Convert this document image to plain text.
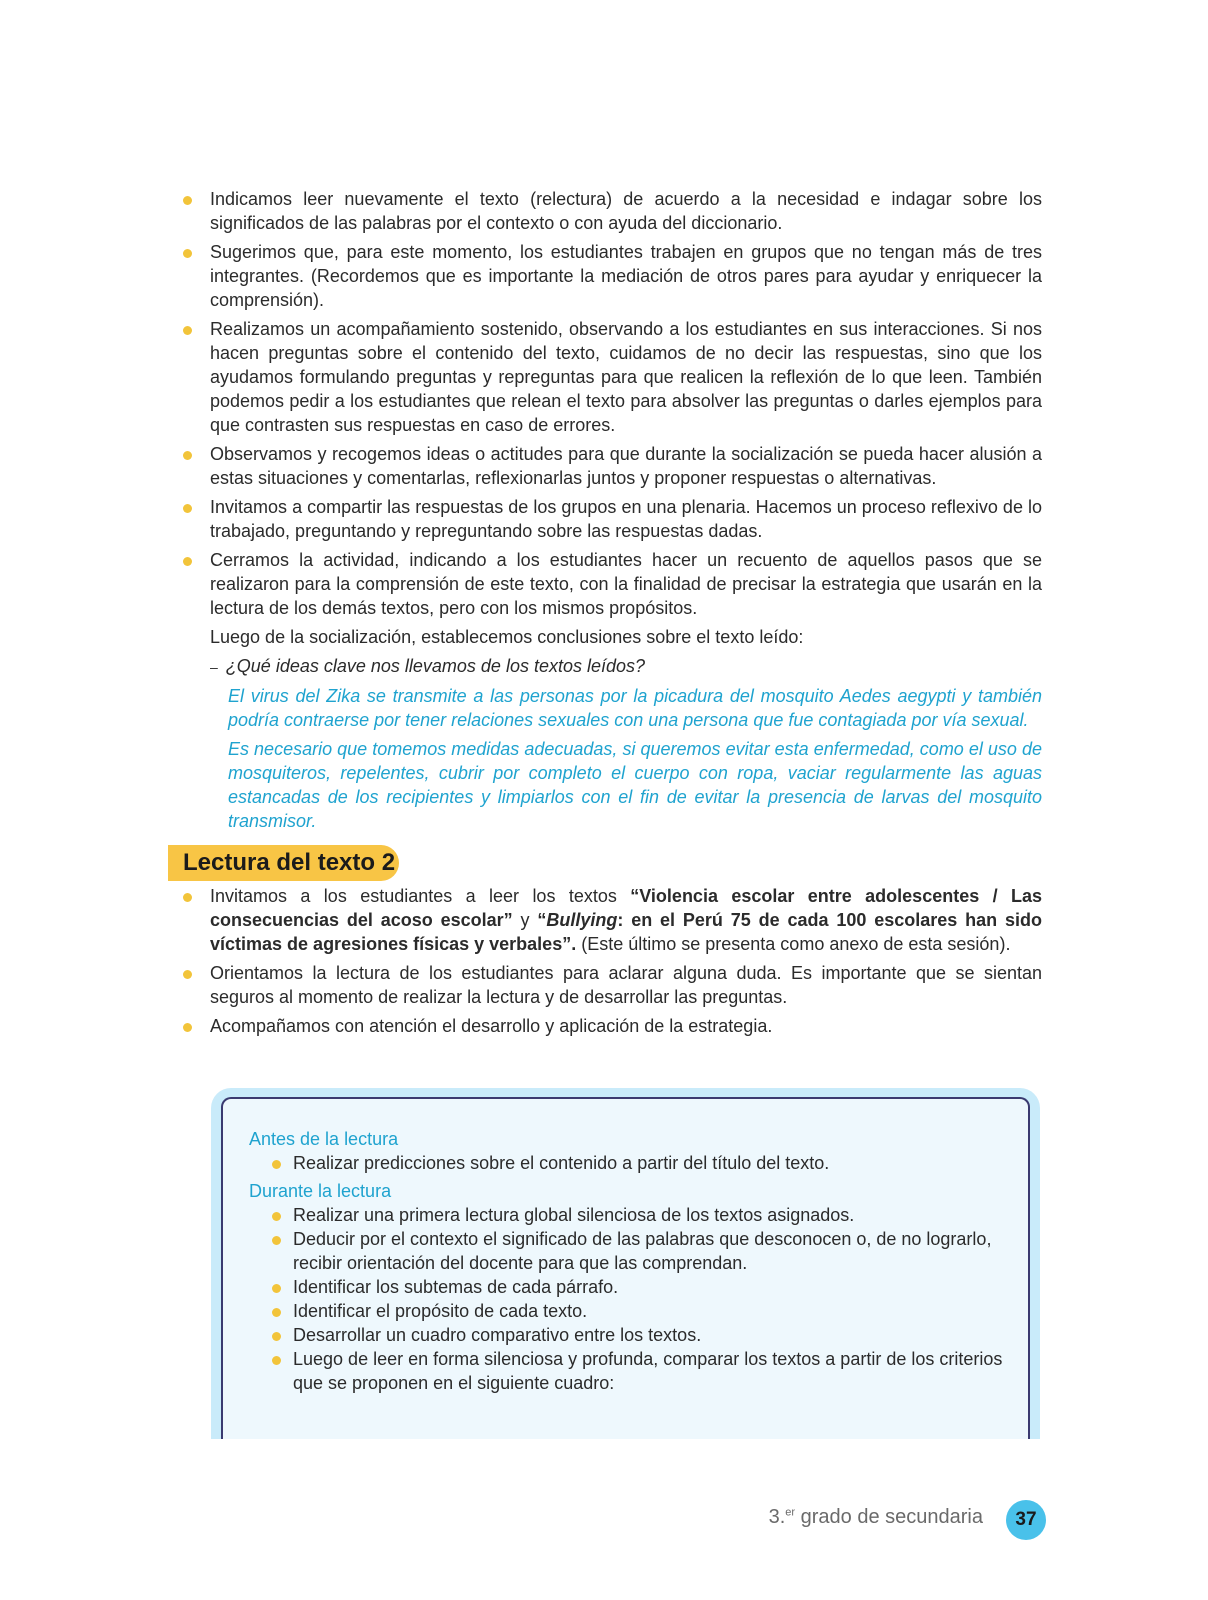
Indicamos leer nuevamente el texto (relectura) de acuerdo a la necesidad e indagar sobre los significados de las palabras por el contexto o con ayuda del diccionario.
Sugerimos que, para este momento, los estudiantes trabajen en grupos que no tengan más de tres integrantes. (Recordemos que es importante la mediación de otros pares para ayudar y enriquecer la comprensión).
Realizamos un acompañamiento sostenido, observando a los estudiantes en sus interacciones. Si nos hacen preguntas sobre el contenido del texto, cuidamos de no decir las respuestas, sino que los ayudamos formulando preguntas y repreguntas para que realicen la reflexión de lo que leen. También podemos pedir a los estudiantes que relean el texto para absolver las preguntas o darles ejemplos para que contrasten sus respuestas en caso de errores.
Observamos y recogemos ideas o actitudes para que durante la socialización se pueda hacer alusión a estas situaciones y comentarlas, reflexionarlas juntos y proponer respuestas o alternativas.
Invitamos a compartir las respuestas de los grupos en una plenaria. Hacemos un proceso reflexivo de lo trabajado, preguntando y repreguntando sobre las respuestas dadas.
Cerramos la actividad, indicando a los estudiantes hacer un recuento de aquellos pasos que se realizaron para la comprensión de este texto, con la finalidad de precisar la estrategia que usarán en la lectura de los demás textos, pero con los mismos propósitos.

Luego de la socialización, establecemos conclusiones sobre el texto leído:

– ¿Qué ideas clave nos llevamos de los textos leídos?

El virus del Zika se transmite a las personas por la picadura del mosquito Aedes aegypti y también podría contraerse por tener relaciones sexuales con una persona que fue contagiada por vía sexual.

Es necesario que tomemos medidas adecuadas, si queremos evitar esta enfermedad, como el uso de mosquiteros, repelentes, cubrir por completo el cuerpo con ropa, vaciar regularmente las aguas estancadas de los recipientes y limpiarlos con el fin de evitar la presencia de larvas del mosquito transmisor.

Lectura del texto 2
Invitamos a los estudiantes a leer los textos “Violencia escolar entre adolescentes / Las consecuencias del acoso escolar” y “Bullying: en el Perú 75 de cada 100 escolares han sido víctimas de agresiones físicas y verbales”. (Este último se presenta como anexo de esta sesión).
Orientamos la lectura de los estudiantes para aclarar alguna duda. Es importante que se sientan seguros al momento de realizar la lectura y de desarrollar las preguntas.
Acompañamos con atención el desarrollo y aplicación de la estrategia.

Antes de la lectura

Realizar predicciones sobre el contenido a partir del título del texto.

Durante la lectura

Realizar una primera lectura global silenciosa de los textos asignados.
Deducir por el contexto el significado de las palabras que desconocen o, de no lograrlo, recibir orientación del docente para que las comprendan.
Identificar los subtemas de cada párrafo.
Identificar el propósito de cada texto.
Desarrollar un cuadro comparativo entre los textos.
Luego de leer en forma silenciosa y profunda, comparar los textos a partir de los criterios que se proponen en el siguiente cuadro:
3.$^{er}$ grado de secundaria	37
